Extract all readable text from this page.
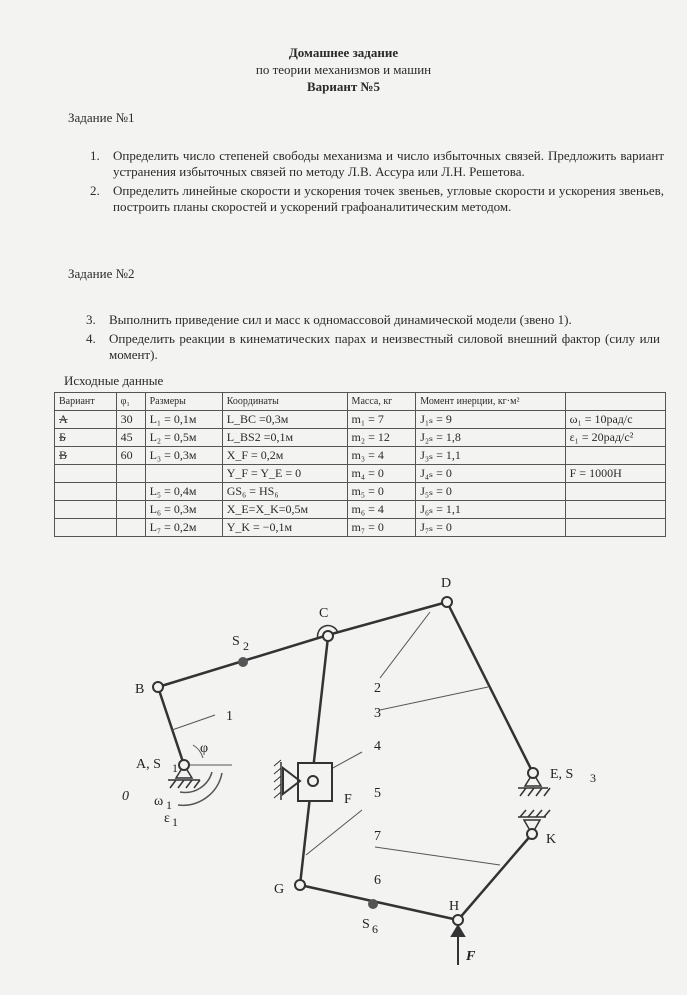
Домашнее задание
по теории механизмов и машин
Вариант №5
Задание №1
1. Определить число степеней свободы механизма и число избыточных связей. Предложить вариант устранения избыточных связей по методу Л.В. Ассура или Л.Н. Решетова.
2. Определить линейные скорости и ускорения точек звеньев, угловые скорости и ускорения звеньев, построить планы скоростей и ускорений графоаналитическим методом.
Задание №2
3. Выполнить приведение сил и масс к одномассовой динамической модели (звено 1).
4. Определить реакции в кинематических парах и неизвестный силовой внешний фактор (силу или момент).
Исходные данные
Вариант	φ₁	Размеры	Координаты	Масса, кг	Момент инерции, кг·м²	
А	30	L₁ = 0,1м	L_BC =0,3м	m₁ = 7	J₁ₛ = 9	ω₁ = 10рад/с
Б	45	L₂ = 0,5м	L_BS2 =0,1м	m₂ = 12	J₂ₛ = 1,8	ε₁ = 20рад/с²
В	60	L₃ = 0,3м	X_F = 0,2м	m₃ = 4	J₃ₛ = 1,1	
			Y_F = Y_E = 0	m₄ = 0	J₄ₛ = 0	F = 1000Н
		L₅ = 0,4м	GS₆ = HS₆	m₅ = 0	J₅ₛ = 0	
		L₆ = 0,3м	X_E=X_K=0,5м	m₆ = 4	J₆ₛ = 1,1	
		L₇ = 0,2м	Y_K = −0,1м	m₇ = 0	J₇ₛ = 0	
D
C
S 2
B
1
2
3
4
5
7
6
A, S 1
φ
0 ω 1
ε 1
F
E, S 3
K
G
S 6
H
F
